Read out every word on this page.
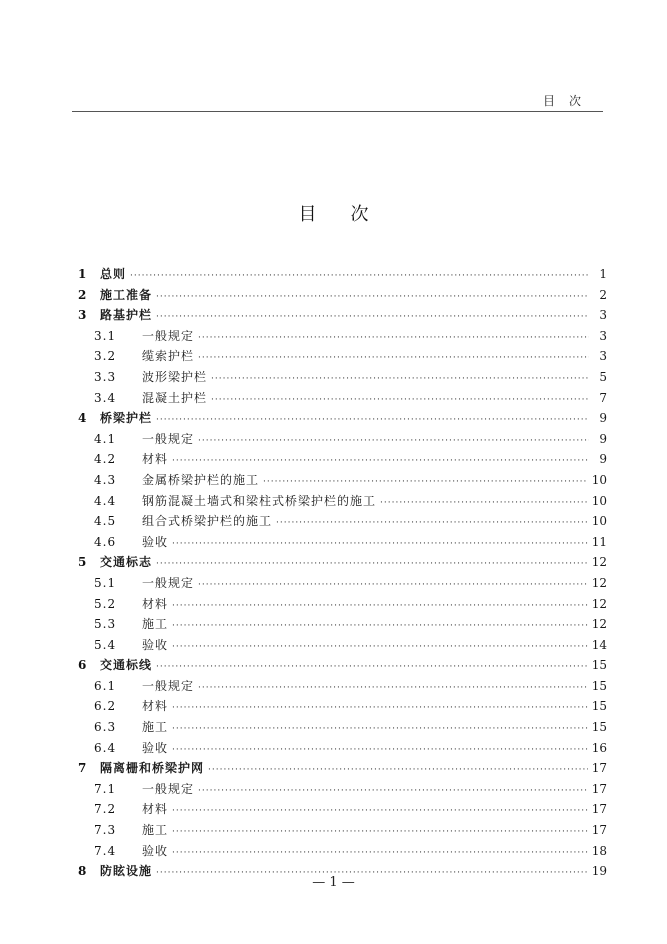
目次
目次
1	总则 ·····	1
2	施工准备 ·····	2
3	路基护栏 ·····	3
3.1	一般规定 ·····	3
3.2	缆索护栏 ·····	3
3.3	波形梁护栏 ·····	5
3.4	混凝土护栏 ·····	7
4	桥梁护栏 ·····	9
4.1	一般规定 ·····	9
4.2	材料 ·····	9
4.3	金属桥梁护栏的施工 ·····	10
4.4	钢筋混凝土墙式和梁柱式桥梁护栏的施工 ·····	10
4.5	组合式桥梁护栏的施工 ·····	10
4.6	验收 ·····	11
5	交通标志 ·····	12
5.1	一般规定 ·····	12
5.2	材料 ·····	12
5.3	施工 ·····	12
5.4	验收 ·····	14
6	交通标线 ·····	15
6.1	一般规定 ·····	15
6.2	材料 ·····	15
6.3	施工 ·····	15
6.4	验收 ·····	16
7	隔离栅和桥梁护网 ·····	17
7.1	一般规定 ·····	17
7.2	材料 ·····	17
7.3	施工 ·····	17
7.4	验收 ·····	18
8	防眩设施 ·····	19
— 1 —
